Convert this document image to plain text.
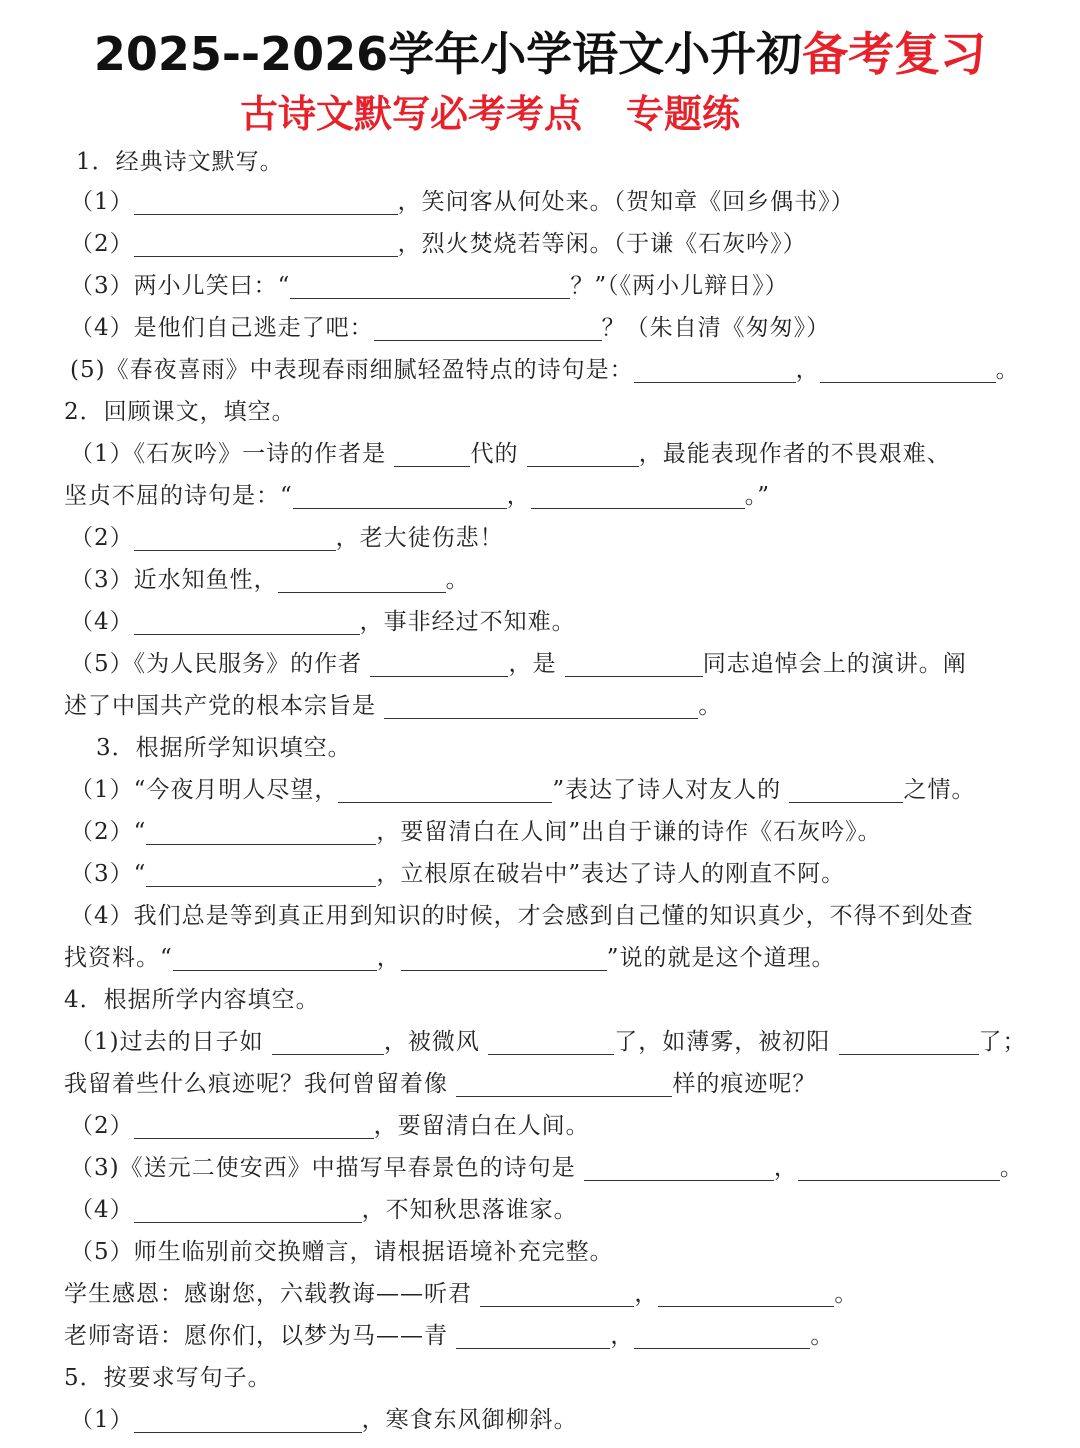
2025--2026学年小学语文小升初备考复习
古诗文默写必考考点 专题练
1．经典诗文默写。
（1）	，笑问客从何处来。（贺知章《回乡偶书》）
（2）	，烈火焚烧若等闲。（于谦《石灰吟》）
（3）两小儿笑曰：“	？”（《两小儿辩日》）
（4）是他们自己逃走了吧：	？（朱自清《匆匆》）
(5)《春夜喜雨》中表现春雨细腻轻盈特点的诗句是：	，	。
2．回顾课文，填空。
（1）《石灰吟》一诗的作者是	代的	，最能表现作者的不畏艰难、
坚贞不屈的诗句是：“	，	。”
（2）	，老大徒伤悲！
（3）近水知鱼性，	。
（4）	，事非经过不知难。
（5）《为人民服务》的作者	，是	同志追悼会上的演讲。阐
述了中国共产党的根本宗旨是	。
3．根据所学知识填空。
（1）“今夜月明人尽望，	”表达了诗人对友人的	之情。
（2）“	，要留清白在人间”出自于谦的诗作《石灰吟》。
（3）“	，立根原在破岩中”表达了诗人的刚直不阿。
（4）我们总是等到真正用到知识的时候，才会感到自己懂的知识真少，不得不到处查
找资料。“	，	”说的就是这个道理。
4．根据所学内容填空。
（1)过去的日子如	，被微风	了，如薄雾，被初阳	了；
我留着些什么痕迹呢？我何曾留着像	样的痕迹呢？
（2）	，要留清白在人间。
（3)《送元二使安西》中描写早春景色的诗句是	，	。
（4）	，不知秋思落谁家。
（5）师生临别前交换赠言，请根据语境补充完整。
学生感恩：感谢您，六载教诲——听君	，	。
老师寄语：愿你们，以梦为马——青	，	。
5．按要求写句子。
（1）	，寒食东风御柳斜。
